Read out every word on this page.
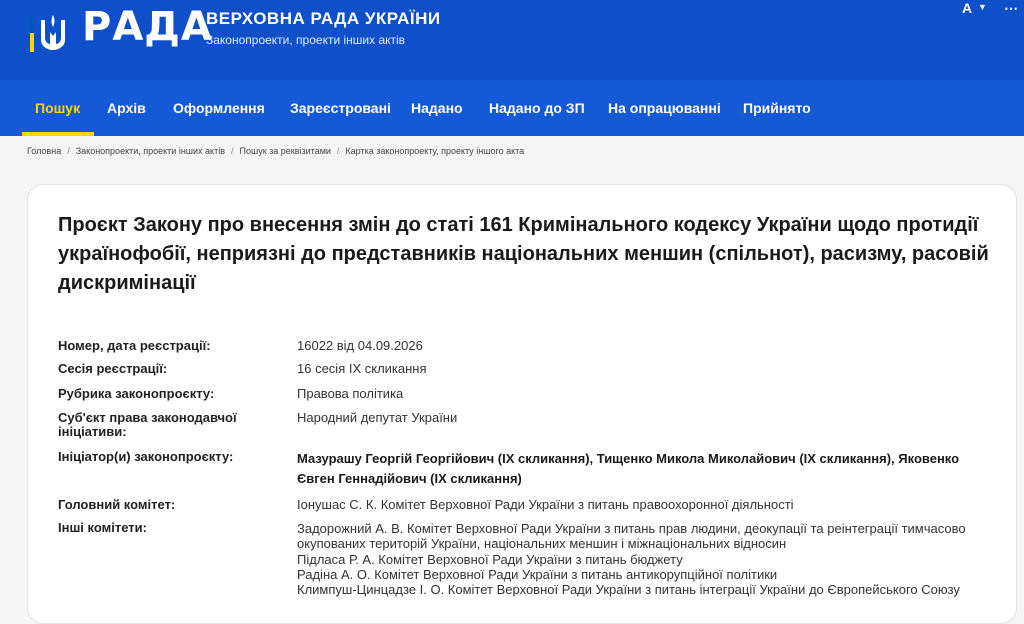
РАДА
ВЕРХОВНА РАДА УКРАЇНИ
Законопроекти, проекти інших актів
A ▼ ⋯
Пошук Архів Оформлення Зареєстровані Надано Надано до ЗП На опрацюванні Прийнято
Головна / Законопроекти, проекти інших актів / Пошук за реквізитами / Картка законопроекту, проекту іншого акта
Проєкт Закону про внесення змін до статі 161 Кримінального кодексу України щодо протидії українофобії, неприязні до представників національних меншин (спільнот), расизму, расовій дискримінації
Номер, дата реєстрації:	16022 від 04.09.2026
Сесія реєстрації:	16 сесія IX скликання
Рубрика законопроєкту:	Правова політика
Суб'єкт права законодавчої ініціативи:
Народний депутат України
Ініціатор(и) законопроєкту:	Мазурашу Георгій Георгійович (IX скликання), Тищенко Микола Миколайович (IX скликання), Яковенко Євген Геннадійович (IX скликання)
Головний комітет:	Іонушас С. К. Комітет Верховної Ради України з питань правоохоронної діяльності
Інші комітети:	Задорожний А. В. Комітет Верховної Ради України з питань прав людини, деокупації та реінтеграції тимчасово окупованих територій України, національних меншин і міжнаціональних відносин
Підласа Р. А. Комітет Верховної Ради України з питань бюджету
Радіна А. О. Комітет Верховної Ради України з питань антикорупційної політики
Климпуш-Цинцадзе І. О. Комітет Верховної Ради України з питань інтеграції України до Європейського Союзу
